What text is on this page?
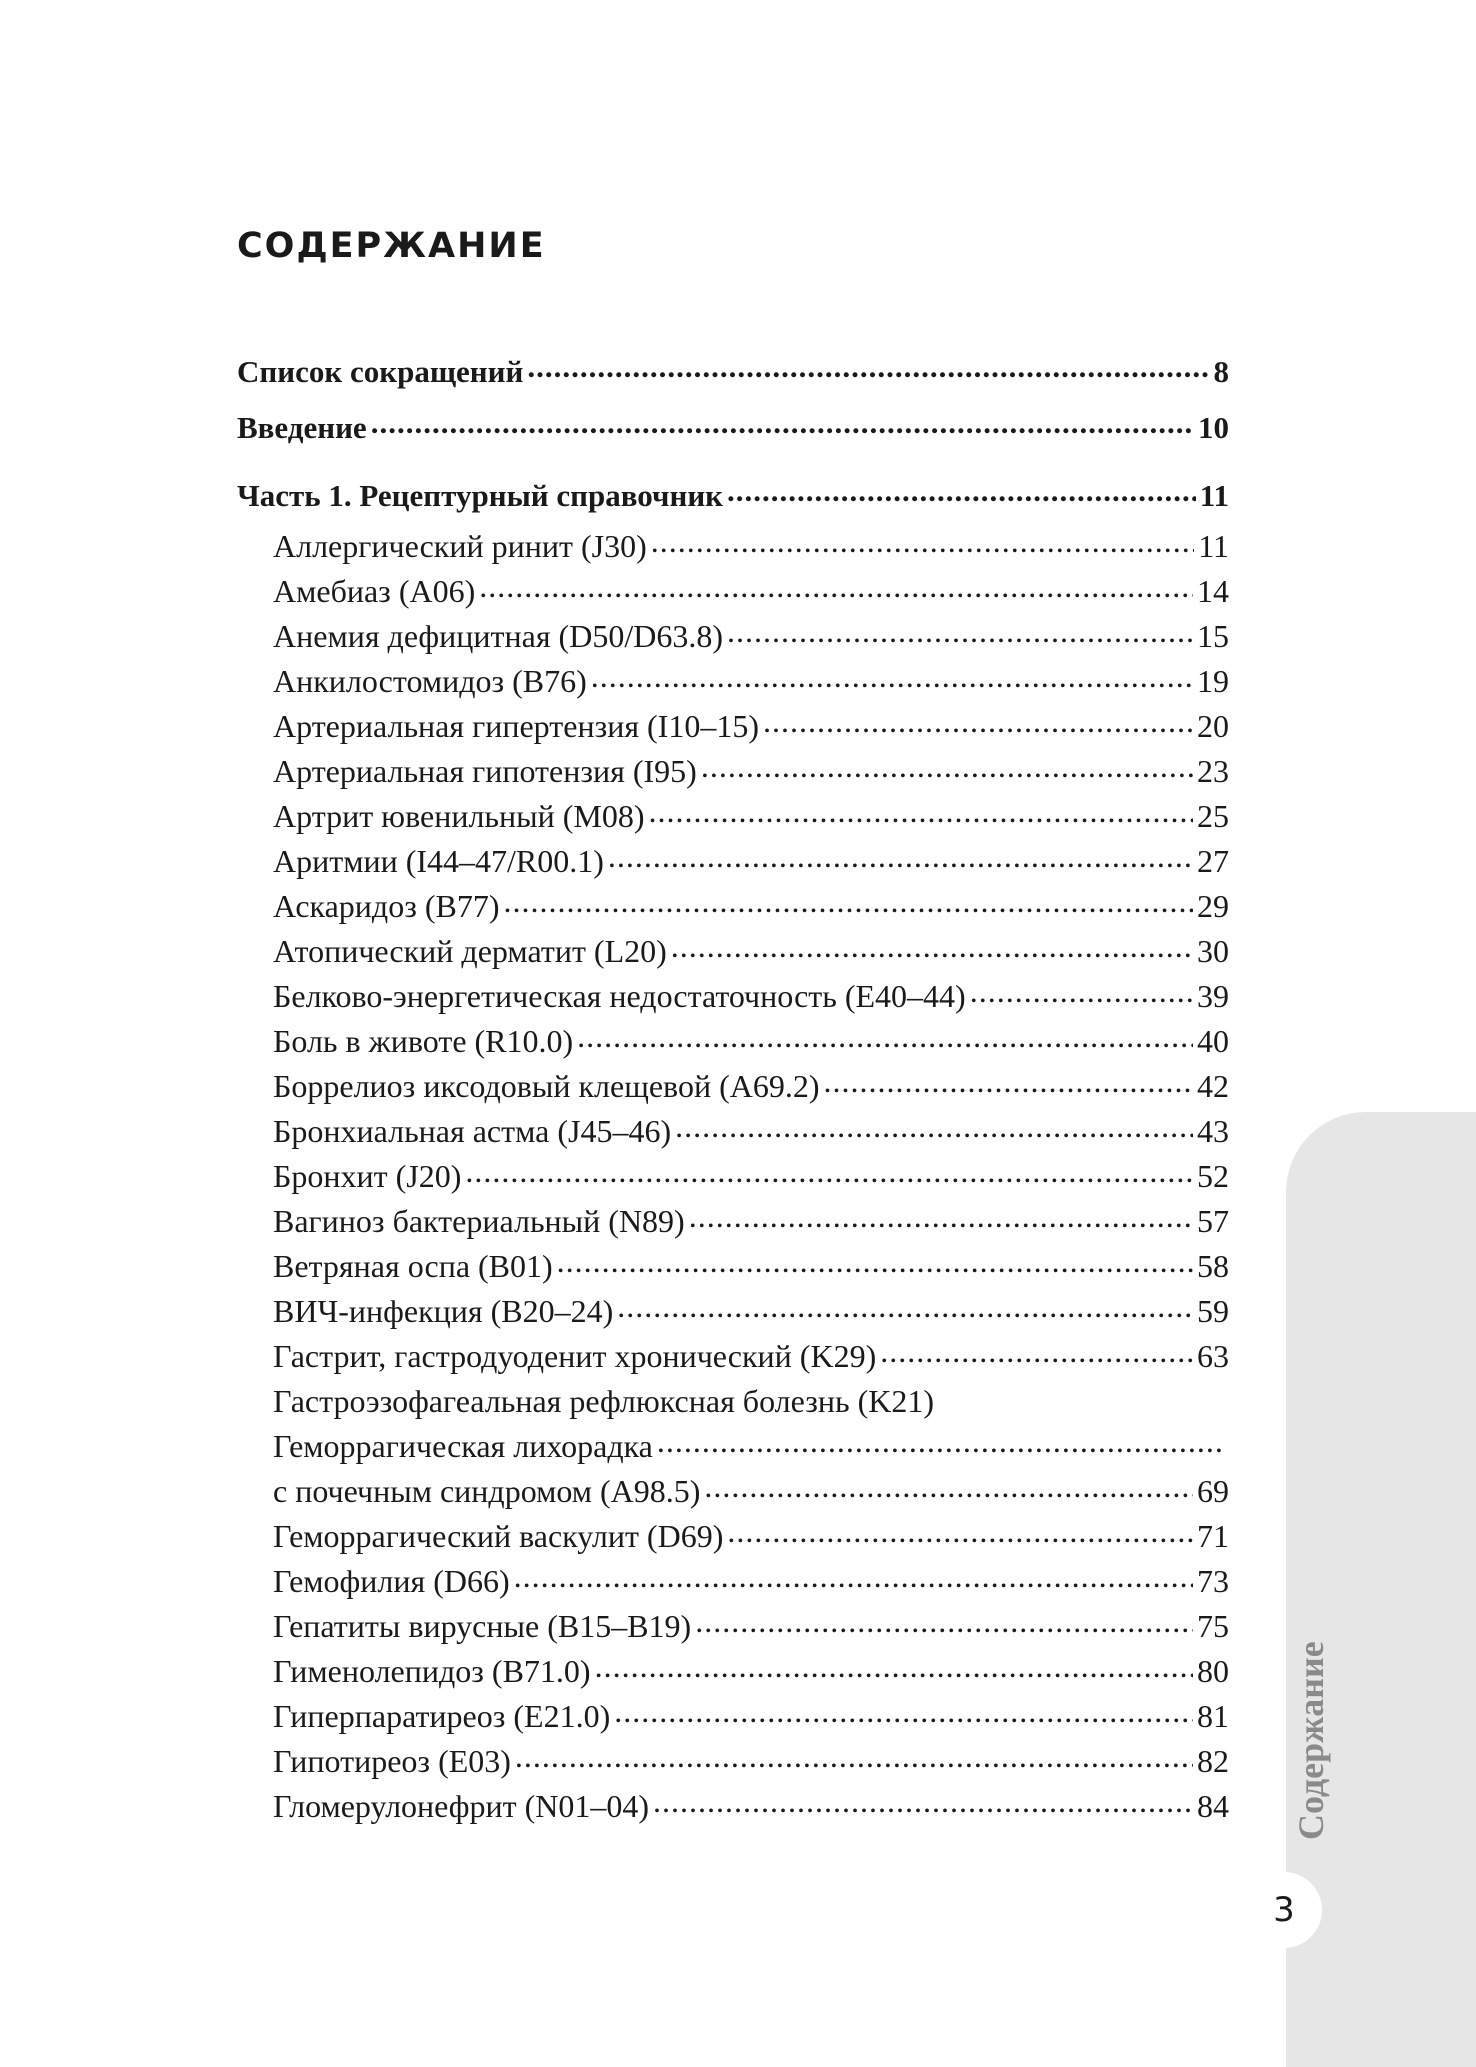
СОДЕРЖАНИЕ
Список сокращений .....	8
Введение .....	10
Часть 1. Рецептурный справочник .....	11
Аллергический ринит (J30) .....	11
Амебиаз (А06) .....	14
Анемия дефицитная (D50/D63.8) .....	15
Анкилостомидоз (В76) .....	19
Артериальная гипертензия (I10–15) .....	20
Артериальная гипотензия (I95) .....	23
Артрит ювенильный (М08) .....	25
Аритмии (I44–47/R00.1) .....	27
Аскаридоз (В77) .....	29
Атопический дерматит (L20) .....	30
Белково-энергетическая недостаточность (Е40–44) .....	39
Боль в животе (R10.0) .....	40
Боррелиоз иксодовый клещевой (А69.2) .....	42
Бронхиальная астма (J45–46) .....	43
Бронхит (J20) .....	52
Вагиноз бактериальный (N89) .....	57
Ветряная оспа (В01) .....	58
ВИЧ-инфекция (В20–24) .....	59
Гастрит, гастродуоденит хронический (K29) .....	63
Гастроэзофагеальная рефлюксная болезнь (K21)
Геморрагическая лихорадка
.....
с почечным синдромом (А98.5) .....	69
Геморрагический васкулит (D69) .....	71
Гемофилия (D66) .....	73
Гепатиты вирусные (В15–В19) .....	75
Гименолепидоз (В71.0) .....	80
Гиперпаратиреоз (Е21.0) .....	81
Гипотиреоз (Е03) .....	82
Гломерулонефрит (N01–04) .....	84 Содержание
3
